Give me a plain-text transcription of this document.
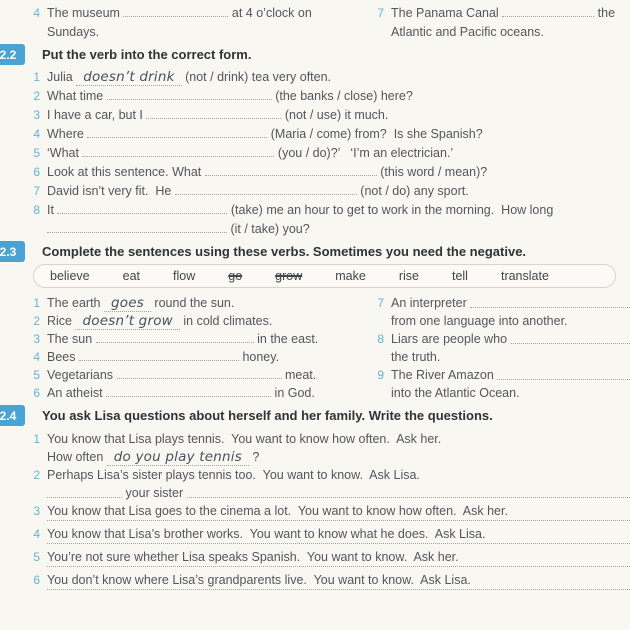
4 The museum	at 4 o’clock on
Sundays.
7 The Panama Canal	the
Atlantic and Pacific oceans.
2.2	Put the verb into the correct form.
1 Julia doesn’t drink (not / drink) tea very often.
2 What time	(the banks / close) here?
3 I have a car, but I	(not / use) it much.
4 Where	(Maria / come) from?  Is she Spanish?
5 ‘What	(you / do)?’   ‘I’m an electrician.’
6 Look at this sentence. What	(this word / mean)?
7 David isn’t very fit.  He	(not / do) any sport.
8 It	(take) me an hour to get to work in the morning.  How long
(it / take) you?
2.3	Complete the sentences using these verbs. Sometimes you need the negative.
believe	eat	flow	go	grow	make	rise	tell	translate
1 The earth goes round the sun.
2 Rice doesn’t grow in cold climates.
3 The sun	in the east.
4 Bees	honey.
5 Vegetarians	meat.
6 An atheist	in God.
7 An interpreter
from one language into another.
8 Liars are people who
the truth.
9 The River Amazon
into the Atlantic Ocean.
2.4	You ask Lisa questions about herself and her family. Write the questions.
1 You know that Lisa plays tennis.  You want to know how often.  Ask her.
How often do you play tennis ?
2 Perhaps Lisa’s sister plays tennis too.  You want to know.  Ask Lisa.
your sister
3 You know that Lisa goes to the cinema a lot.  You want to know how often.  Ask her.
4 You know that Lisa’s brother works.  You want to know what he does.  Ask Lisa.
5 You’re not sure whether Lisa speaks Spanish.  You want to know.  Ask her.
6 You don’t know where Lisa’s grandparents live.  You want to know.  Ask Lisa.
